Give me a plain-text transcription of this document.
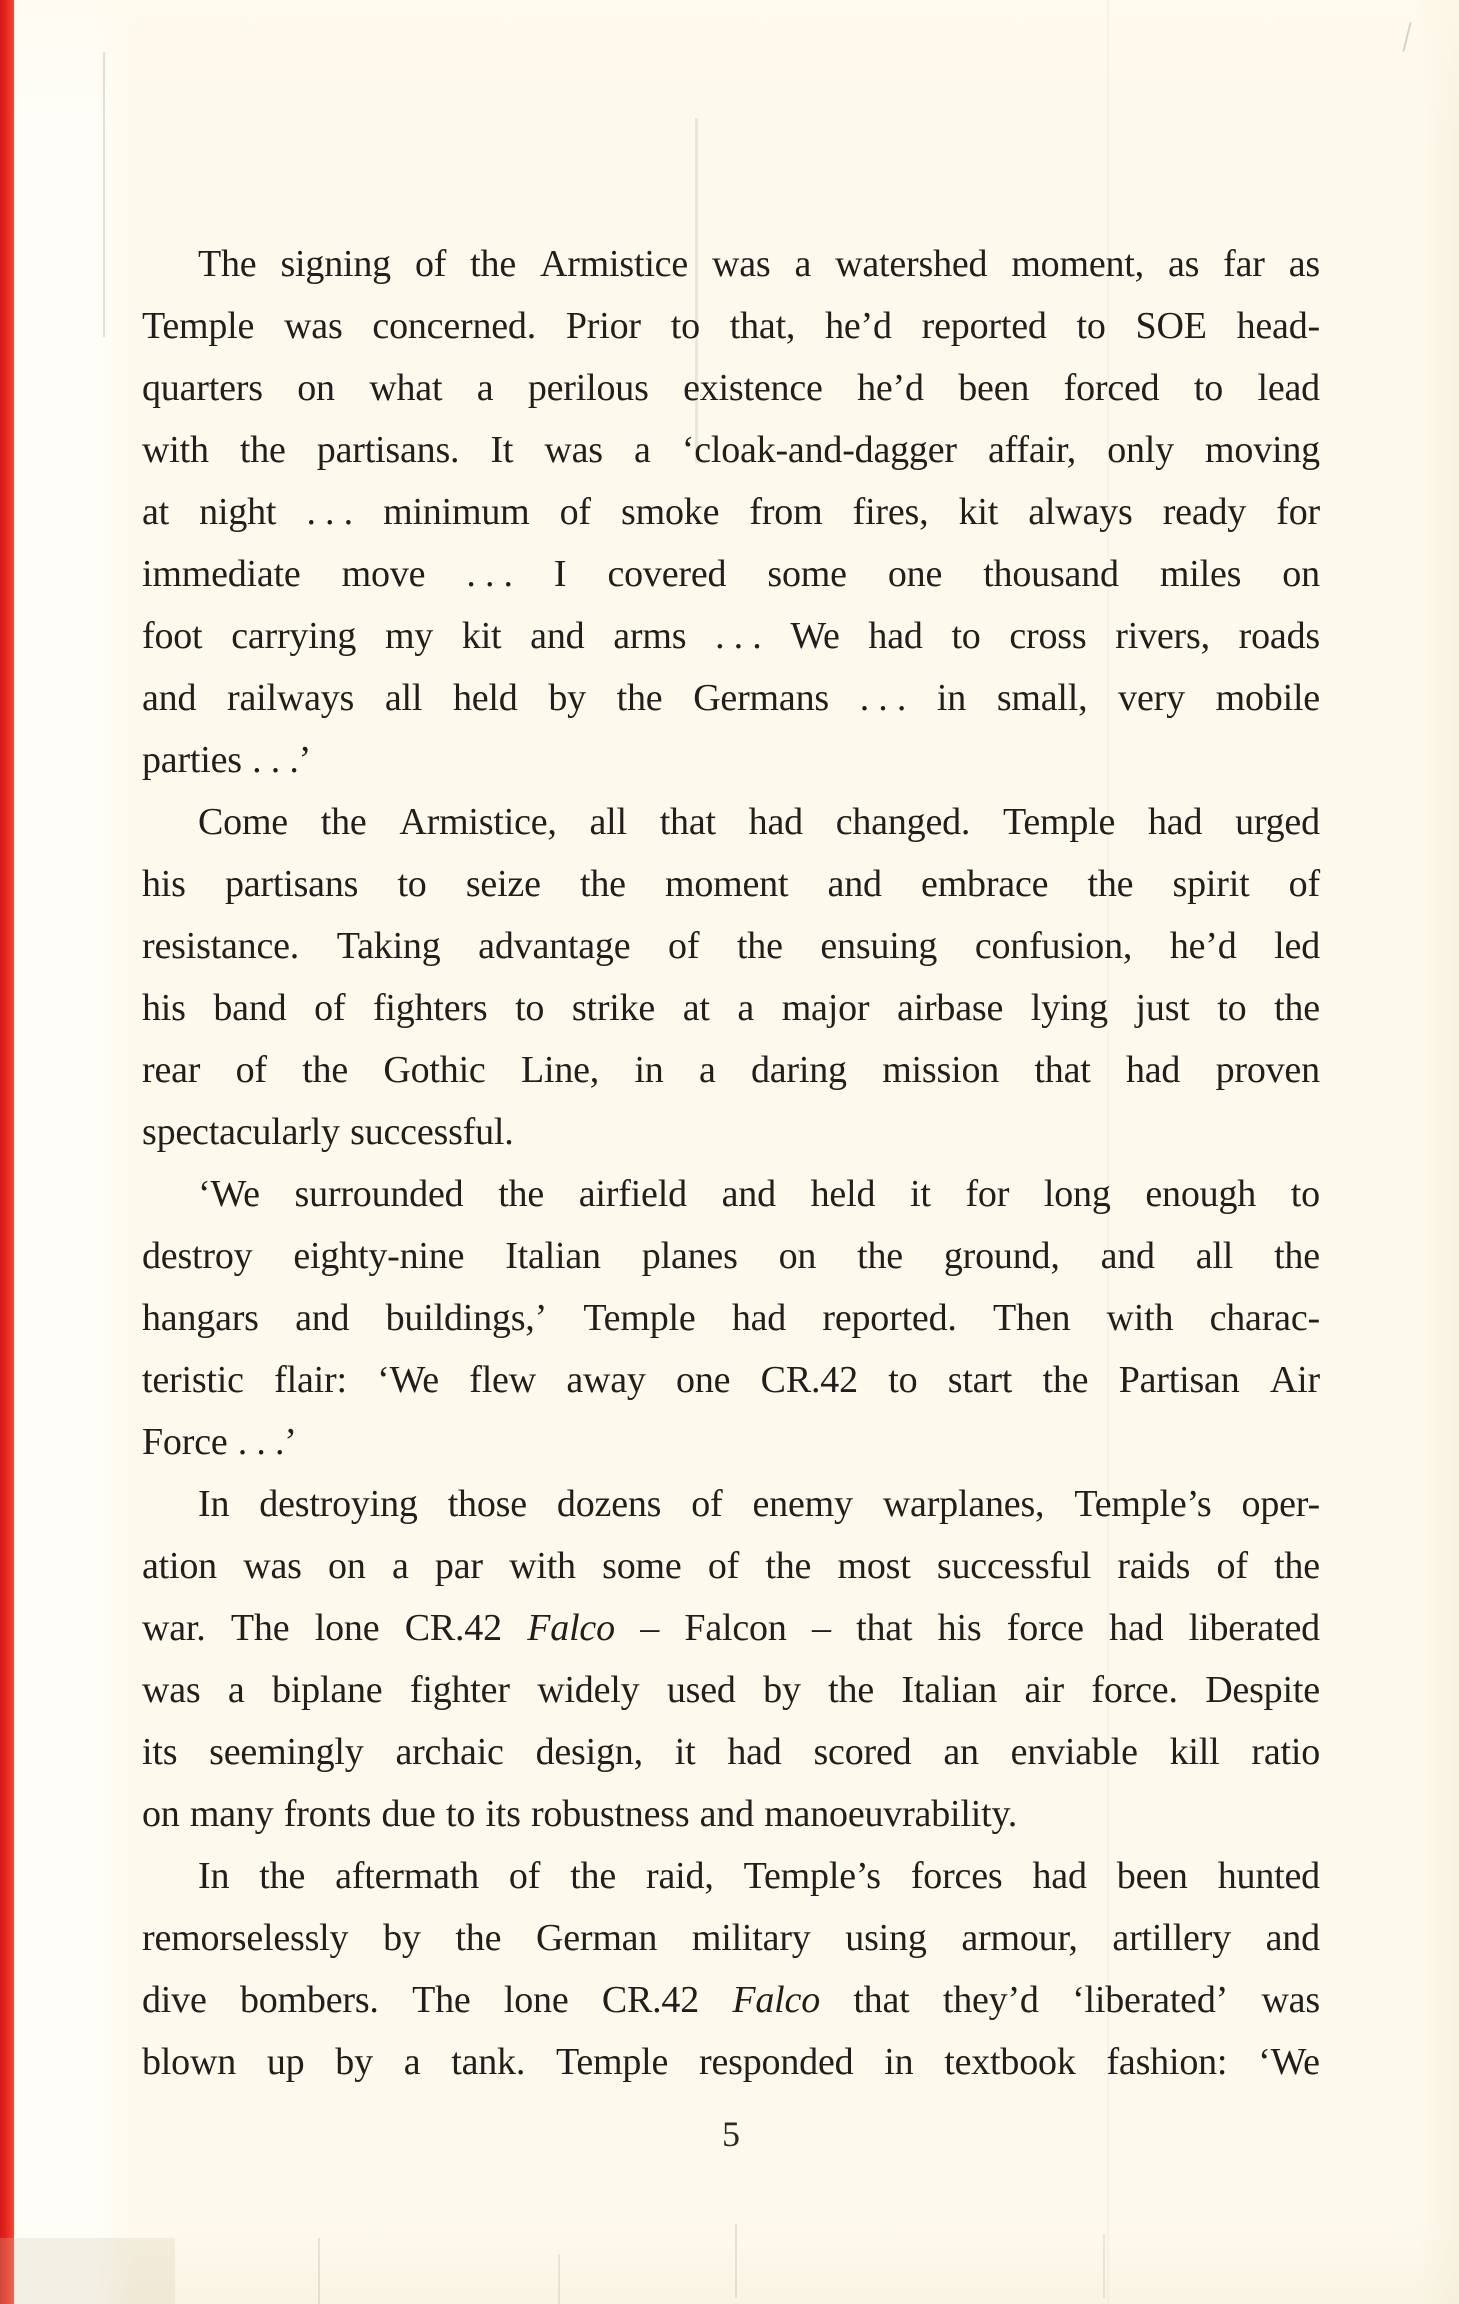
The signing of the Armistice was a watershed moment, as far as
Temple was concerned. Prior to that, he’d reported to SOE head-
quarters on what a perilous existence he’d been forced to lead
with the partisans. It was a ‘cloak-and-dagger affair, only moving
at night . . . minimum of smoke from fires, kit always ready for
immediate move . . . I covered some one thousand miles on
foot carrying my kit and arms . . . We had to cross rivers, roads
and railways all held by the Germans . . . in small, very mobile
parties . . .’
Come the Armistice, all that had changed. Temple had urged
his partisans to seize the moment and embrace the spirit of
resistance. Taking advantage of the ensuing confusion, he’d led
his band of fighters to strike at a major airbase lying just to the
rear of the Gothic Line, in a daring mission that had proven
spectacularly successful.
‘We surrounded the airfield and held it for long enough to
destroy eighty-nine Italian planes on the ground, and all the
hangars and buildings,’ Temple had reported. Then with charac-
teristic flair: ‘We flew away one CR.42 to start the Partisan Air
Force . . .’
In destroying those dozens of enemy warplanes, Temple’s oper-
ation was on a par with some of the most successful raids of the
war. The lone CR.42 Falco – Falcon – that his force had liberated
was a biplane fighter widely used by the Italian air force. Despite
its seemingly archaic design, it had scored an enviable kill ratio
on many fronts due to its robustness and manoeuvrability.
In the aftermath of the raid, Temple’s forces had been hunted
remorselessly by the German military using armour, artillery and
dive bombers. The lone CR.42 Falco that they’d ‘liberated’ was
blown up by a tank. Temple responded in textbook fashion: ‘We
5
